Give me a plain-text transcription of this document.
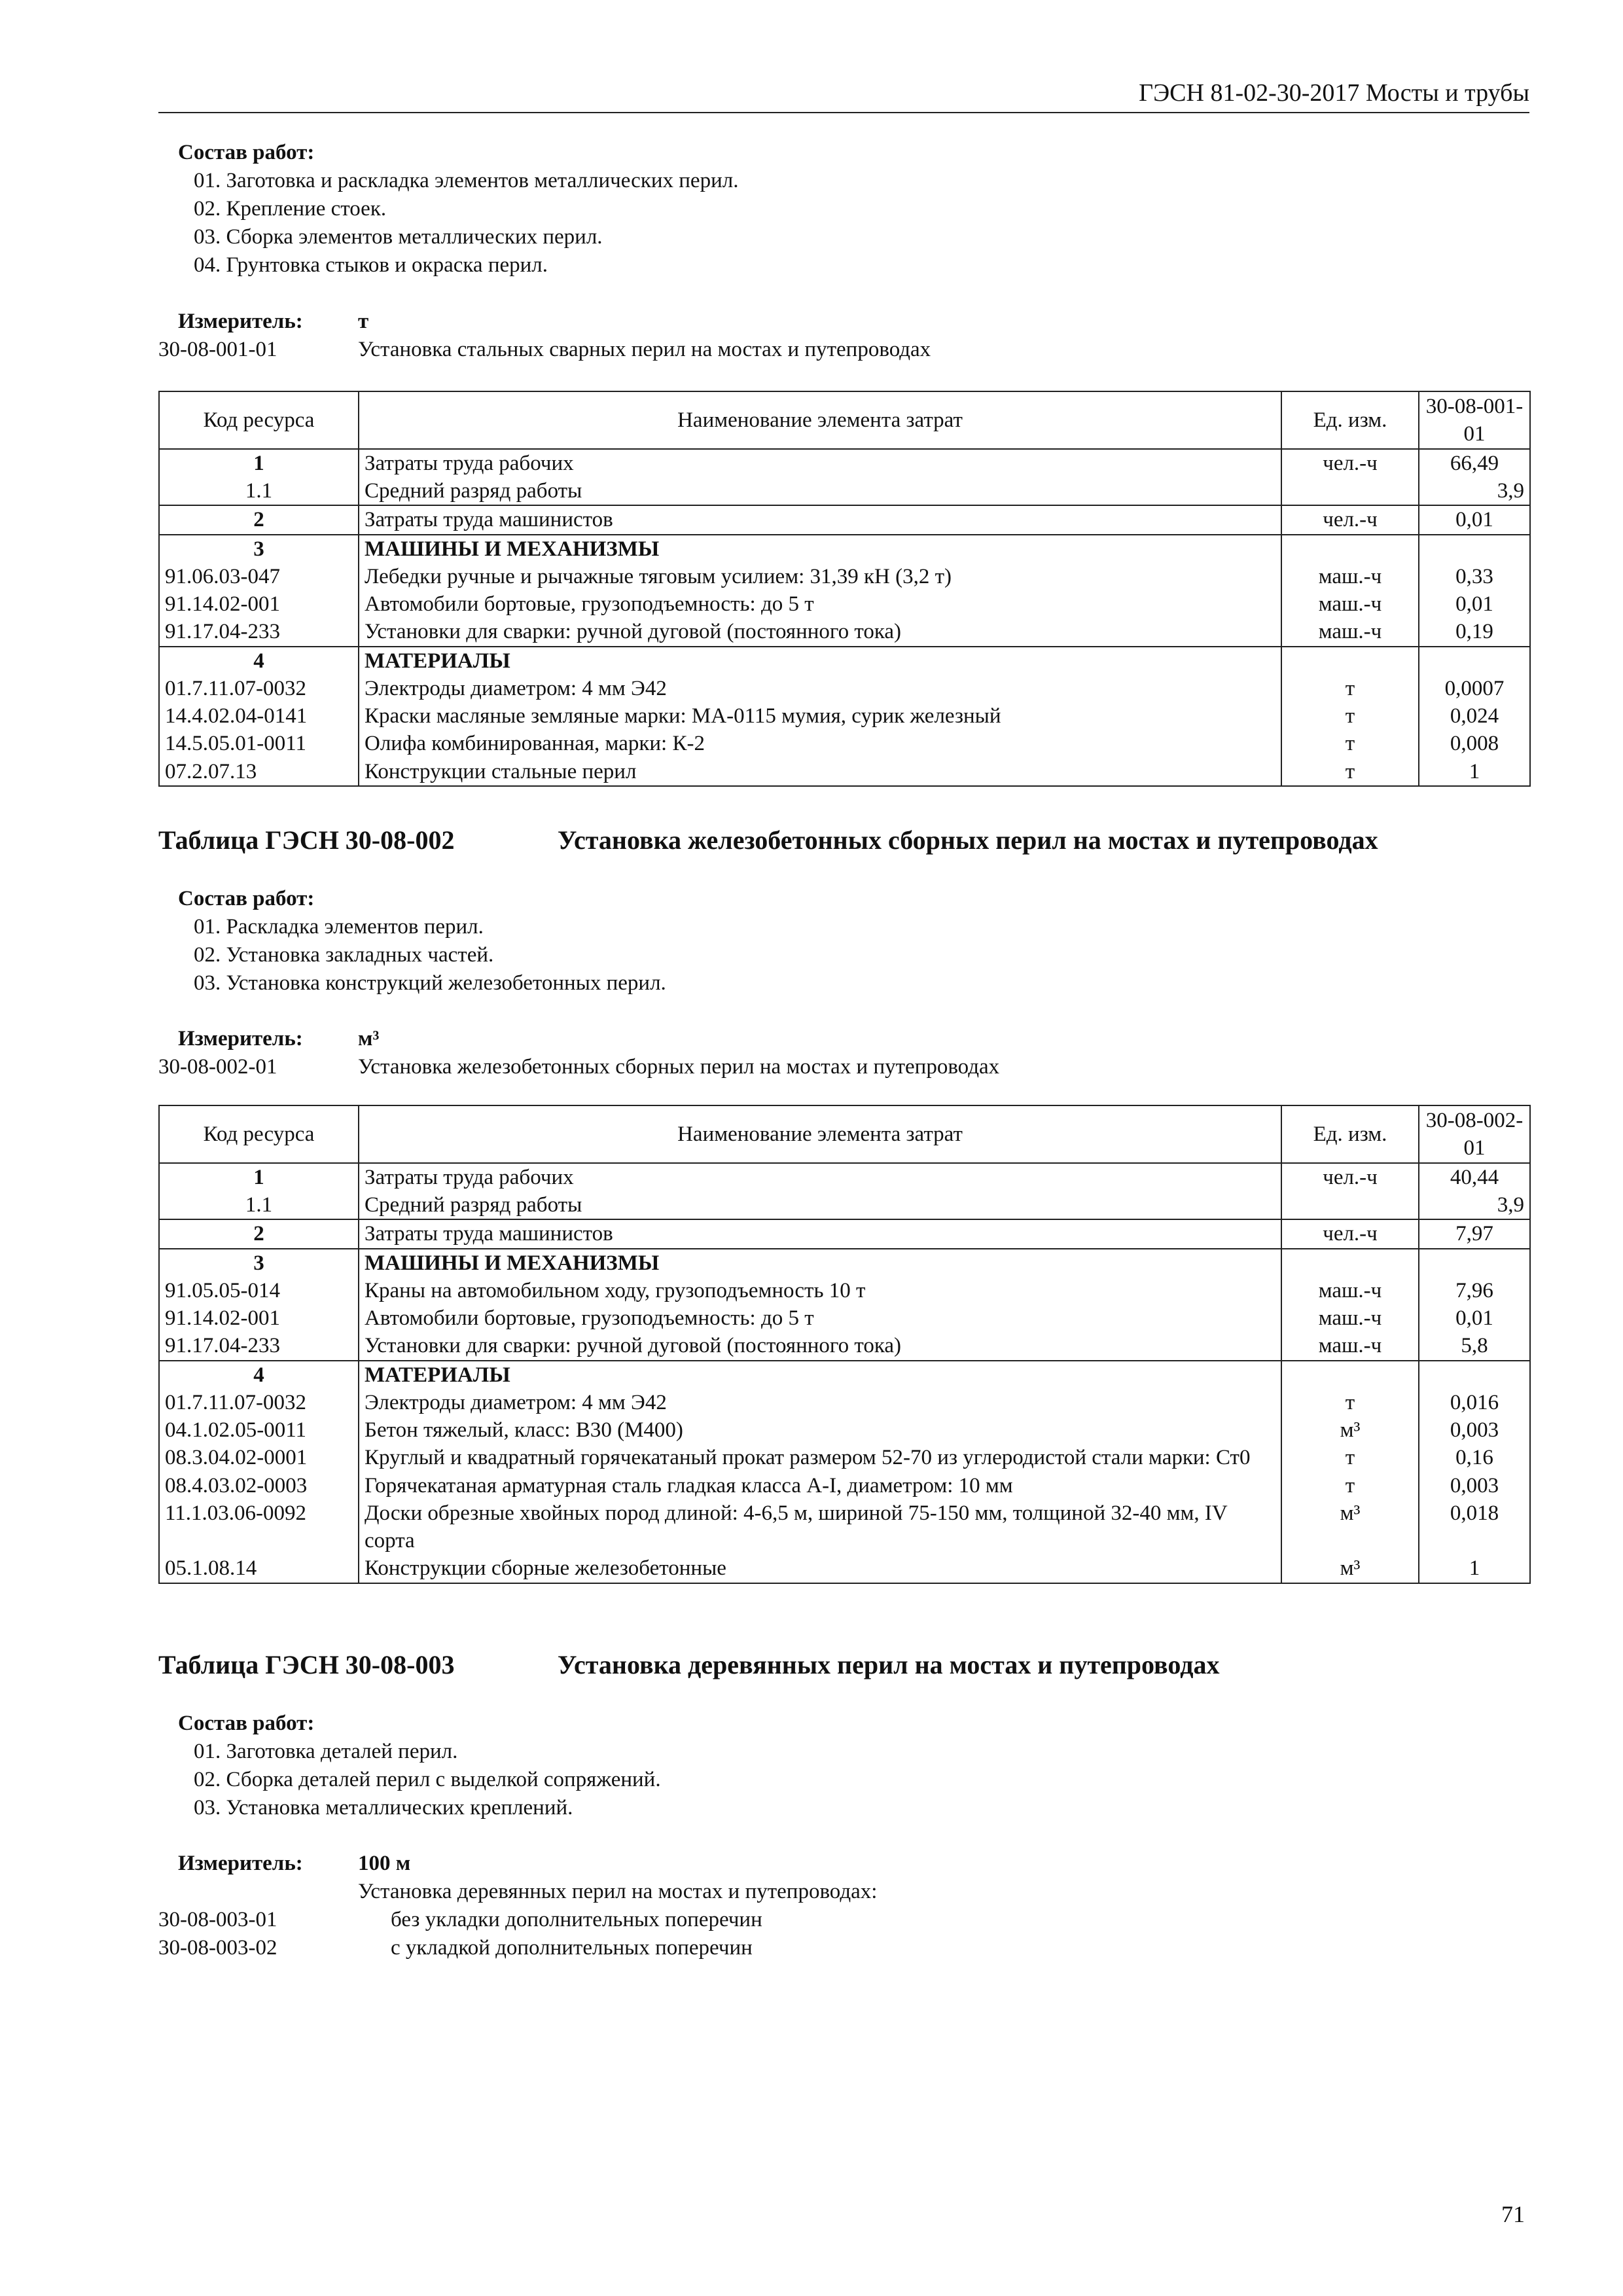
ГЭСН 81-02-30-2017 Мосты и трубы
Состав работ:
01. Заготовка и раскладка элементов металлических перил.
02. Крепление стоек.
03. Сборка элементов металлических перил.
04. Грунтовка стыков и окраска перил.
Измеритель:	т
30-08-001-01	Установка стальных сварных перил на мостах и путепроводах
Код ресурса	Наименование элемента затрат	Ед. изм.	30-08-001-01
1	Затраты труда рабочих	чел.-ч	66,49
1.1	Средний разряд работы		3,9
2	Затраты труда машинистов	чел.-ч	0,01
3	МАШИНЫ И МЕХАНИЗМЫ		
91.06.03-047	Лебедки ручные и рычажные тяговым усилием: 31,39 кН (3,2 т)	маш.-ч	0,33
91.14.02-001	Автомобили бортовые, грузоподъемность: до 5 т	маш.-ч	0,01
91.17.04-233	Установки для сварки: ручной дуговой (постоянного тока)	маш.-ч	0,19
4	МАТЕРИАЛЫ		
01.7.11.07-0032	Электроды диаметром: 4 мм Э42	т	0,0007
14.4.02.04-0141	Краски масляные земляные марки: МА-0115 мумия, сурик железный	т	0,024
14.5.05.01-0011	Олифа комбинированная, марки: К-2	т	0,008
07.2.07.13	Конструкции стальные перил	т	1
Таблица ГЭСН 30-08-002	Установка железобетонных сборных перил на мостах и путепроводах
Состав работ:
01. Раскладка элементов перил.
02. Установка закладных частей.
03. Установка конструкций железобетонных перил.
Измеритель:	м³
30-08-002-01	Установка железобетонных сборных перил на мостах и путепроводах
Код ресурса	Наименование элемента затрат	Ед. изм.	30-08-002-01
1	Затраты труда рабочих	чел.-ч	40,44
1.1	Средний разряд работы		3,9
2	Затраты труда машинистов	чел.-ч	7,97
3	МАШИНЫ И МЕХАНИЗМЫ		
91.05.05-014	Краны на автомобильном ходу, грузоподъемность 10 т	маш.-ч	7,96
91.14.02-001	Автомобили бортовые, грузоподъемность: до 5 т	маш.-ч	0,01
91.17.04-233	Установки для сварки: ручной дуговой (постоянного тока)	маш.-ч	5,8
4	МАТЕРИАЛЫ		
01.7.11.07-0032	Электроды диаметром: 4 мм Э42	т	0,016
04.1.02.05-0011	Бетон тяжелый, класс: В30 (М400)	м³	0,003
08.3.04.02-0001	Круглый и квадратный горячекатаный прокат размером 52-70 из углеродистой стали марки: Ст0	т	0,16
08.4.03.02-0003	Горячекатаная арматурная сталь гладкая класса А-I, диаметром: 10 мм	т	0,003
11.1.03.06-0092	Доски обрезные хвойных пород длиной: 4-6,5 м, шириной 75-150 мм, толщиной 32-40 мм, IV сорта	м³	0,018
05.1.08.14	Конструкции сборные железобетонные	м³	1
Таблица ГЭСН 30-08-003	Установка деревянных перил на мостах и путепроводах
Состав работ:
01. Заготовка деталей перил.
02. Сборка деталей перил с выделкой сопряжений.
03. Установка металлических креплений.
Измеритель:	100 м
Установка деревянных перил на мостах и путепроводах:
30-08-003-01	без укладки дополнительных поперечин
30-08-003-02	с укладкой дополнительных поперечин
71
